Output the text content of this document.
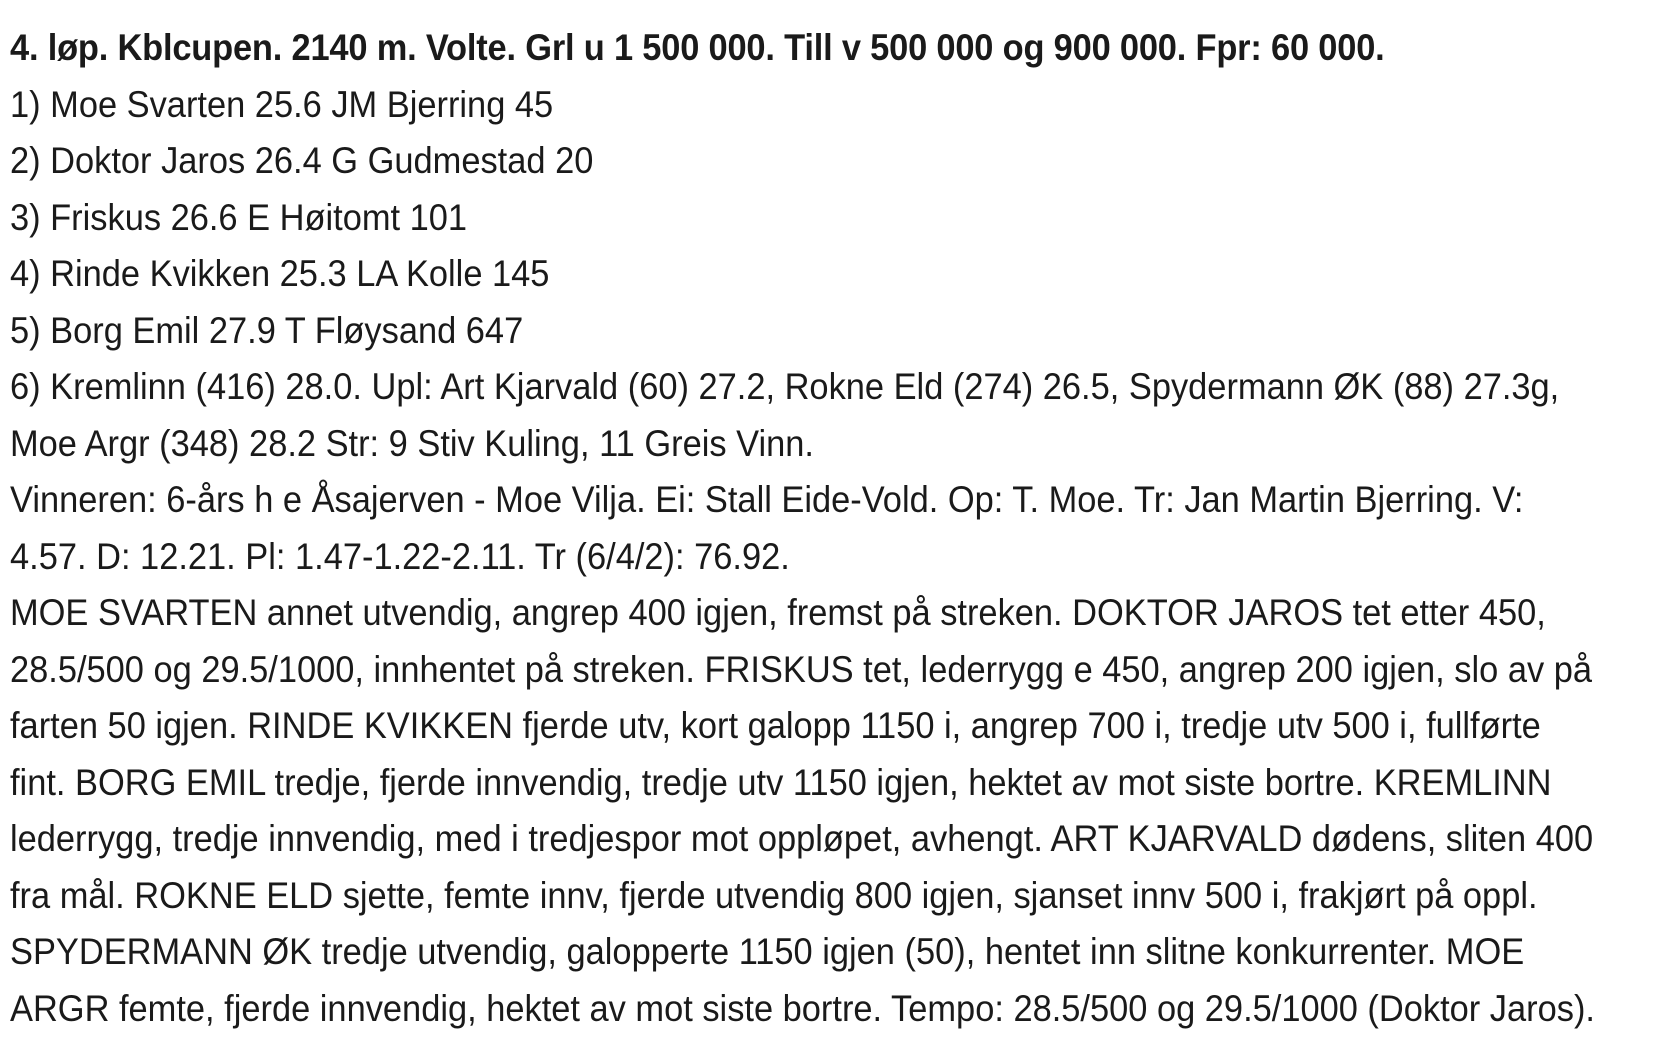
4. løp. Kblcupen. 2140 m. Volte. Grl u 1 500 000. Till v 500 000 og 900 000. Fpr: 60 000.
1) Moe Svarten 25.6 JM Bjerring 45
2) Doktor Jaros 26.4 G Gudmestad 20
3) Friskus 26.6 E Høitomt 101
4) Rinde Kvikken 25.3 LA Kolle 145
5) Borg Emil 27.9 T Fløysand 647
6) Kremlinn (416) 28.0. Upl: Art Kjarvald (60) 27.2, Rokne Eld (274) 26.5, Spydermann ØK (88) 27.3g,
Moe Argr (348) 28.2 Str: 9 Stiv Kuling, 11 Greis Vinn.
Vinneren: 6-års h e Åsajerven - Moe Vilja. Ei: Stall Eide-Vold. Op: T. Moe. Tr: Jan Martin Bjerring. V:
4.57. D: 12.21. Pl: 1.47-1.22-2.11. Tr (6/4/2): 76.92.
MOE SVARTEN annet utvendig, angrep 400 igjen, fremst på streken. DOKTOR JAROS tet etter 450,
28.5/500 og 29.5/1000, innhentet på streken. FRISKUS tet, lederrygg e 450, angrep 200 igjen, slo av på
farten 50 igjen. RINDE KVIKKEN fjerde utv, kort galopp 1150 i, angrep 700 i, tredje utv 500 i, fullførte
fint. BORG EMIL tredje, fjerde innvendig, tredje utv 1150 igjen, hektet av mot siste bortre. KREMLINN
lederrygg, tredje innvendig, med i tredjespor mot oppløpet, avhengt. ART KJARVALD dødens, sliten 400
fra mål. ROKNE ELD sjette, femte innv, fjerde utvendig 800 igjen, sjanset innv 500 i, frakjørt på oppl.
SPYDERMANN ØK tredje utvendig, galopperte 1150 igjen (50), hentet inn slitne konkurrenter. MOE
ARGR femte, fjerde innvendig, hektet av mot siste bortre. Tempo: 28.5/500 og 29.5/1000 (Doktor Jaros).
